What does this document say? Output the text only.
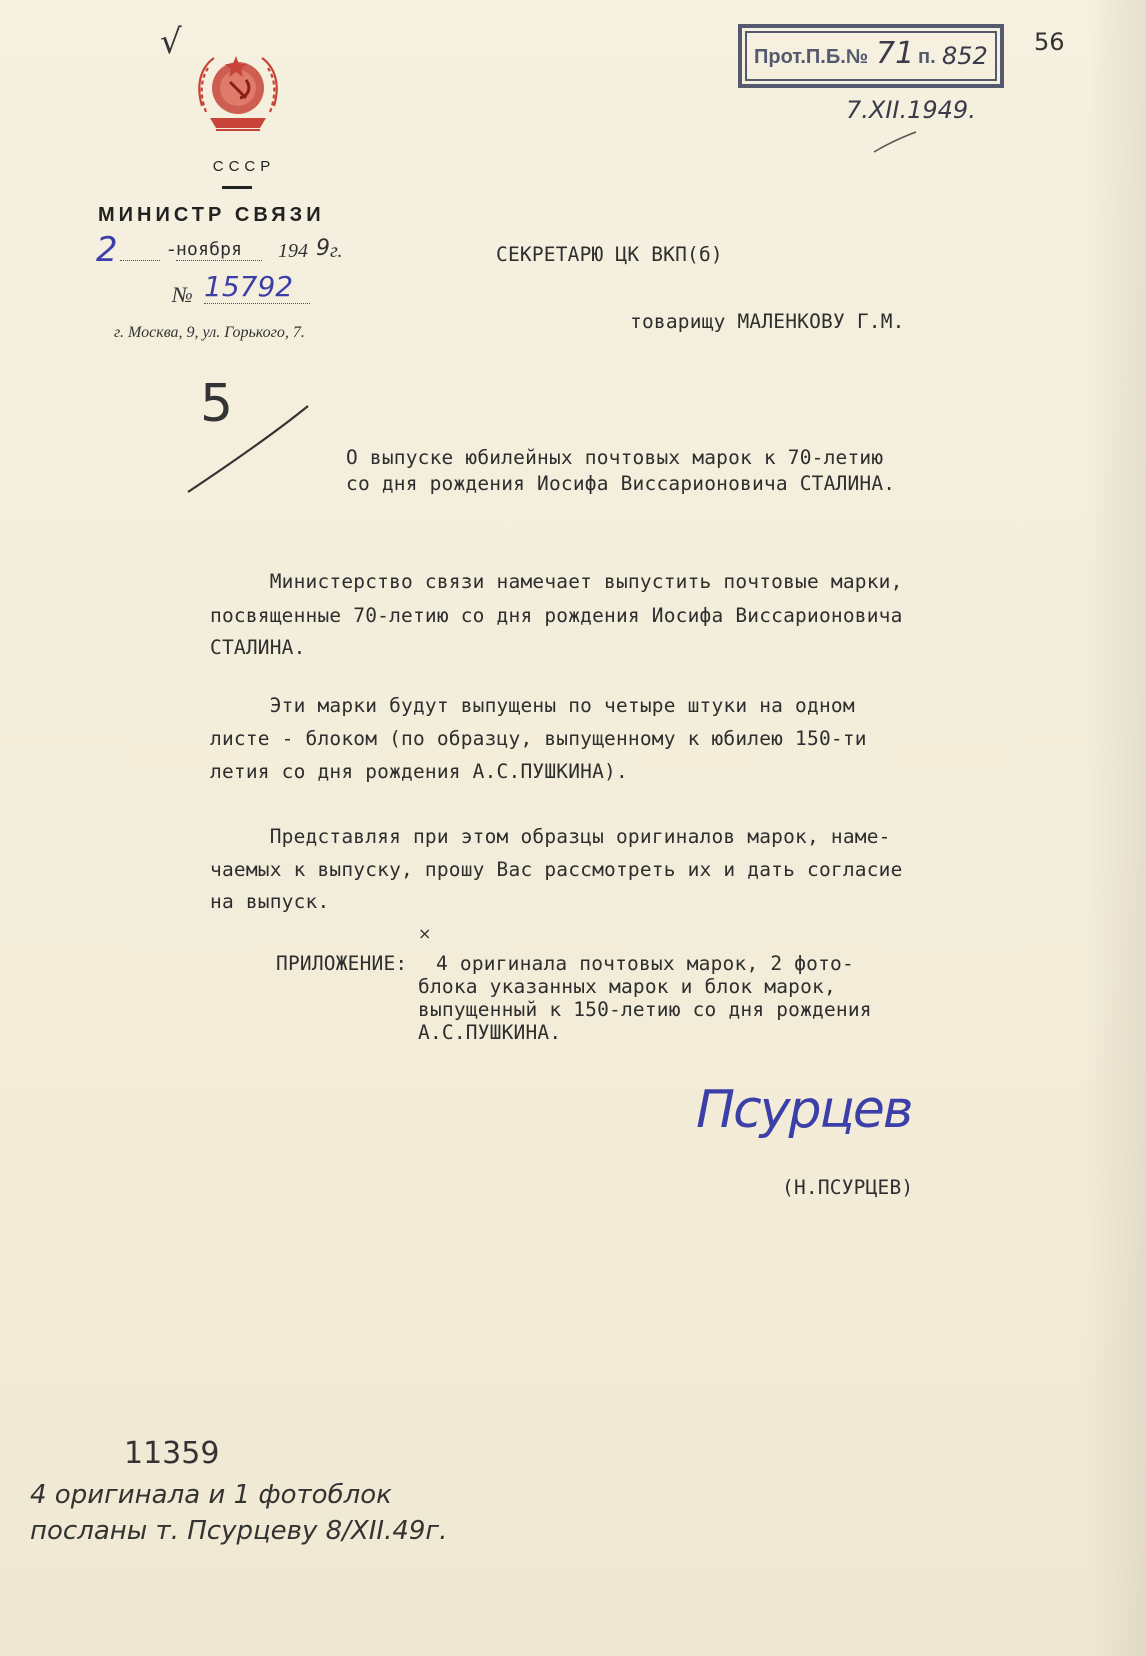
√
СССР
МИНИСТР СВЯЗИ
2	- ноября	194 9 г.
№ 15792
г. Москва, 9, ул. Горького, 7.
Прот.П.Б.№ 71 п. 852
7.XII.1949.
56
5
СЕКРЕТАРЮ ЦК ВКП(б)
товарищу МАЛЕНКОВУ Г.М.
О выпуске юбилейных почтовых марок к 70-летию
со дня рождения Иосифа Виссарионовича СТАЛИНА.
Министерство связи намечает выпустить почтовые марки,
посвященные 70-летию со дня рождения Иосифа Виссарионовича
СТАЛИНА.
Эти марки будут выпущены по четыре штуки на одном
листе - блоком (по образцу, выпущенному к юбилею 150-ти
летия со дня рождения А.С.ПУШКИНА).
Представляя при этом образцы оригиналов марок, наме-
чаемых к выпуску, прошу Вас рассмотреть их и дать согласие
на выпуск.
×
ПРИЛОЖЕНИЕ: 4 оригинала почтовых марок, 2 фото-
блока указанных марок и блок марок,
выпущенный к 150-летию со дня рождения
А.С.ПУШКИНА.
Псурцев
(Н.ПСУРЦЕВ)
11359
4 оригинала и 1 фотоблок
посланы т. Псурцеву 8/XII.49г.
